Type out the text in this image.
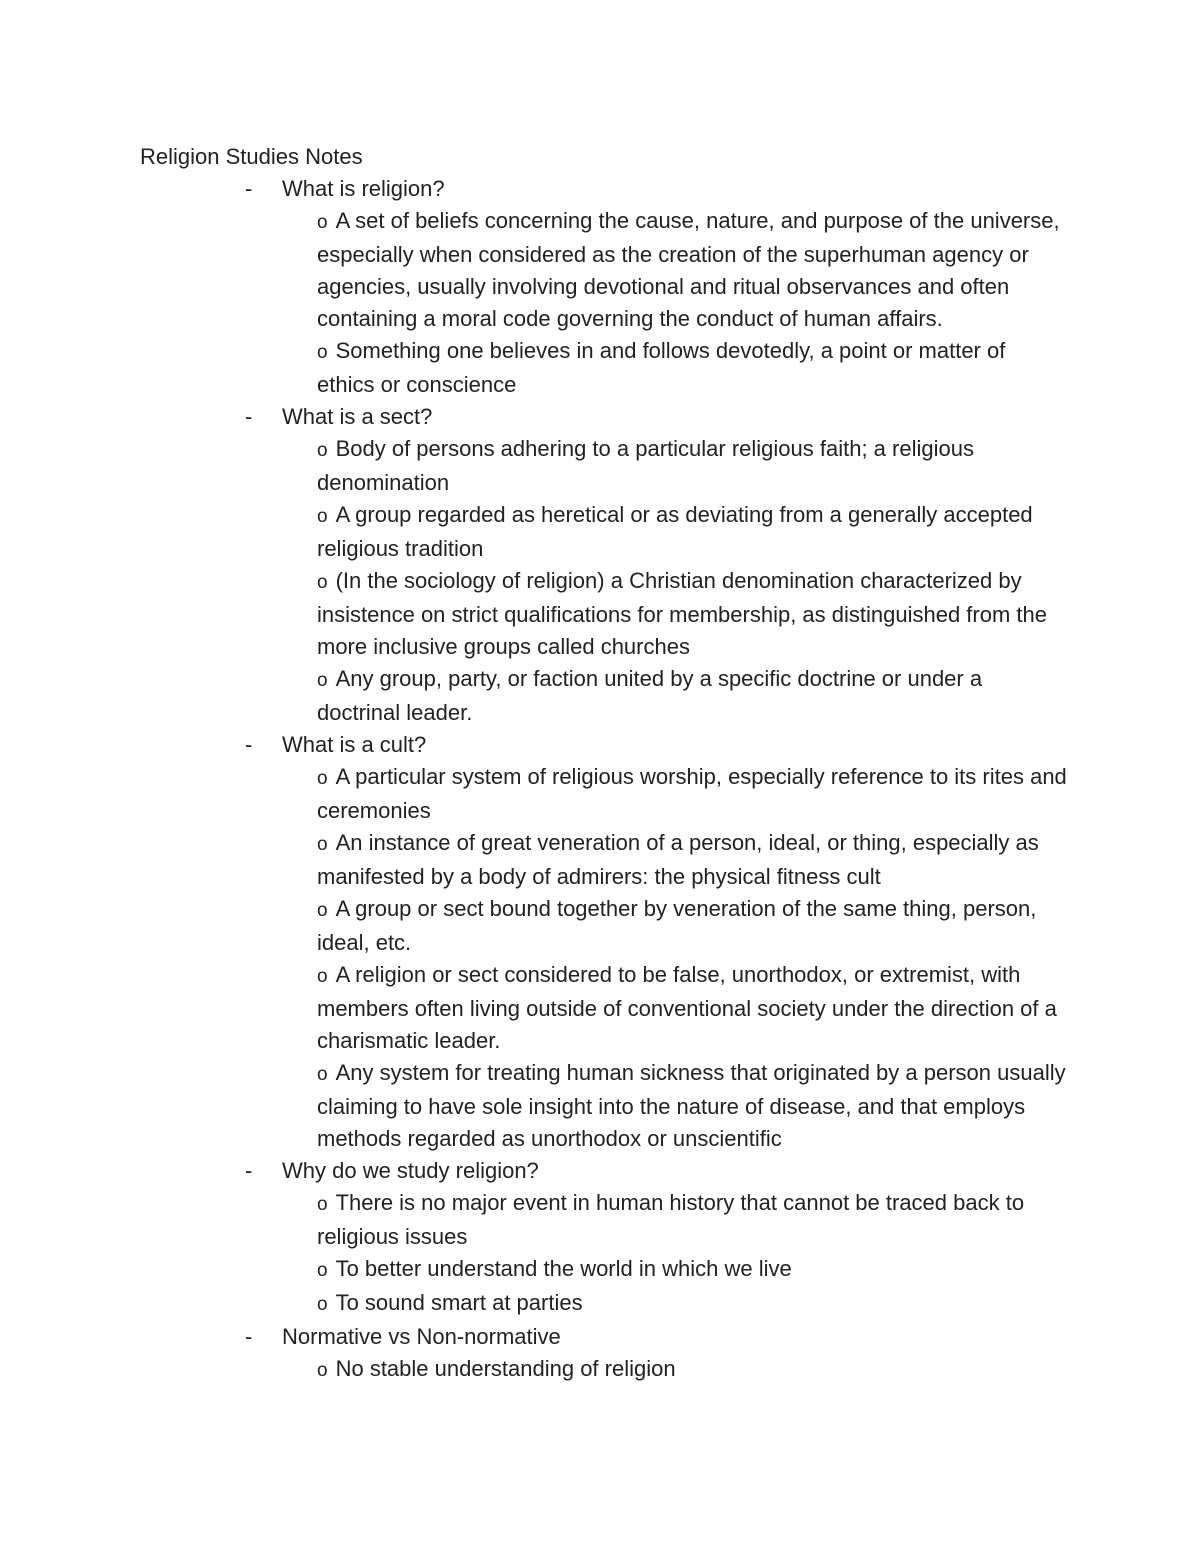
Religion Studies Notes
-	What is religion?

o A set of beliefs concerning the cause, nature, and purpose of the universe, especially when considered as the creation of the superhuman agency or agencies, usually involving devotional and ritual observances and often containing a moral code governing the conduct of human affairs.

o Something one believes in and follows devotedly, a point or matter of ethics or conscience

-	What is a sect?

o Body of persons adhering to a particular religious faith; a religious denomination

o A group regarded as heretical or as deviating from a generally accepted religious tradition

o (In the sociology of religion) a Christian denomination characterized by insistence on strict qualifications for membership, as distinguished from the more inclusive groups called churches

o Any group, party, or faction united by a specific doctrine or under a doctrinal leader.

-	What is a cult?

o A particular system of religious worship, especially reference to its rites and ceremonies

o An instance of great veneration of a person, ideal, or thing, especially as manifested by a body of admirers: the physical fitness cult

o A group or sect bound together by veneration of the same thing, person, ideal, etc.

o A religion or sect considered to be false, unorthodox, or extremist, with members often living outside of conventional society under the direction of a charismatic leader.

o Any system for treating human sickness that originated by a person usually claiming to have sole insight into the nature of disease, and that employs methods regarded as unorthodox or unscientific

-	Why do we study religion?

o There is no major event in human history that cannot be traced back to religious issues

o To better understand the world in which we live

o To sound smart at parties

-	Normative vs Non-normative

o No stable understanding of religion
